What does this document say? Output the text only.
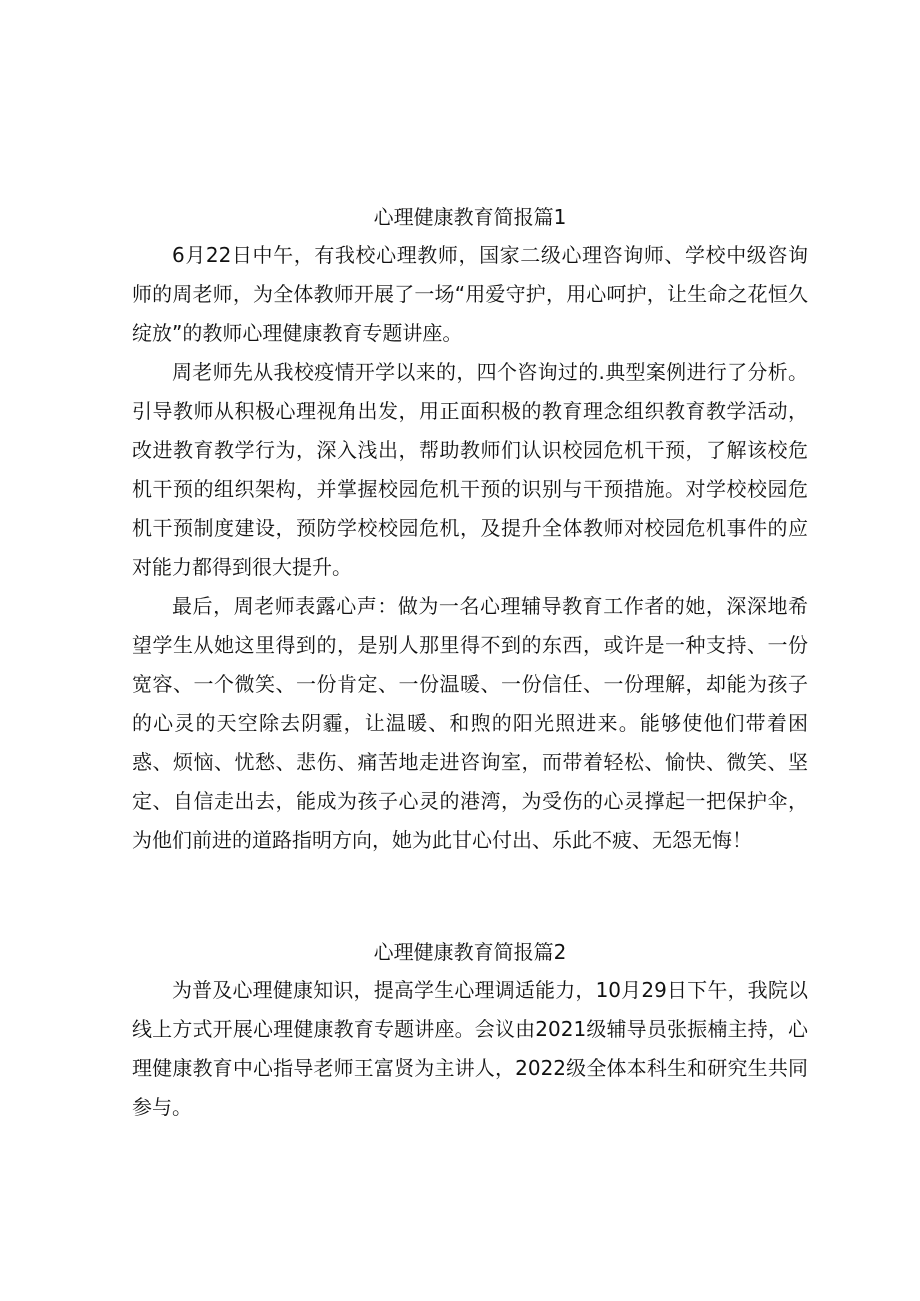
心理健康教育简报篇1

6月22日中午，有我校心理教师，国家二级心理咨询师、学校中级咨询师的周老师，为全体教师开展了一场“用爱守护，用心呵护，让生命之花恒久绽放”的教师心理健康教育专题讲座。

周老师先从我校疫情开学以来的，四个咨询过的.典型案例进行了分析。引导教师从积极心理视角出发，用正面积极的教育理念组织教育教学活动，改进教育教学行为，深入浅出，帮助教师们认识校园危机干预，了解该校危机干预的组织架构，并掌握校园危机干预的识别与干预措施。对学校校园危机干预制度建设，预防学校校园危机，及提升全体教师对校园危机事件的应对能力都得到很大提升。

最后，周老师表露心声：做为一名心理辅导教育工作者的她，深深地希望学生从她这里得到的，是别人那里得不到的东西，或许是一种支持、一份宽容、一个微笑、一份肯定、一份温暖、一份信任、一份理解，却能为孩子的心灵的天空除去阴霾，让温暖、和煦的阳光照进来。能够使他们带着困惑、烦恼、忧愁、悲伤、痛苦地走进咨询室，而带着轻松、愉快、微笑、坚定、自信走出去，能成为孩子心灵的港湾，为受伤的心灵撑起一把保护伞，为他们前进的道路指明方向，她为此甘心付出、乐此不疲、无怨无悔！

心理健康教育简报篇2

为普及心理健康知识，提高学生心理调适能力，10月29日下午，我院以线上方式开展心理健康教育专题讲座。会议由2021级辅导员张振楠主持，心理健康教育中心指导老师王富贤为主讲人，2022级全体本科生和研究生共同参与。
